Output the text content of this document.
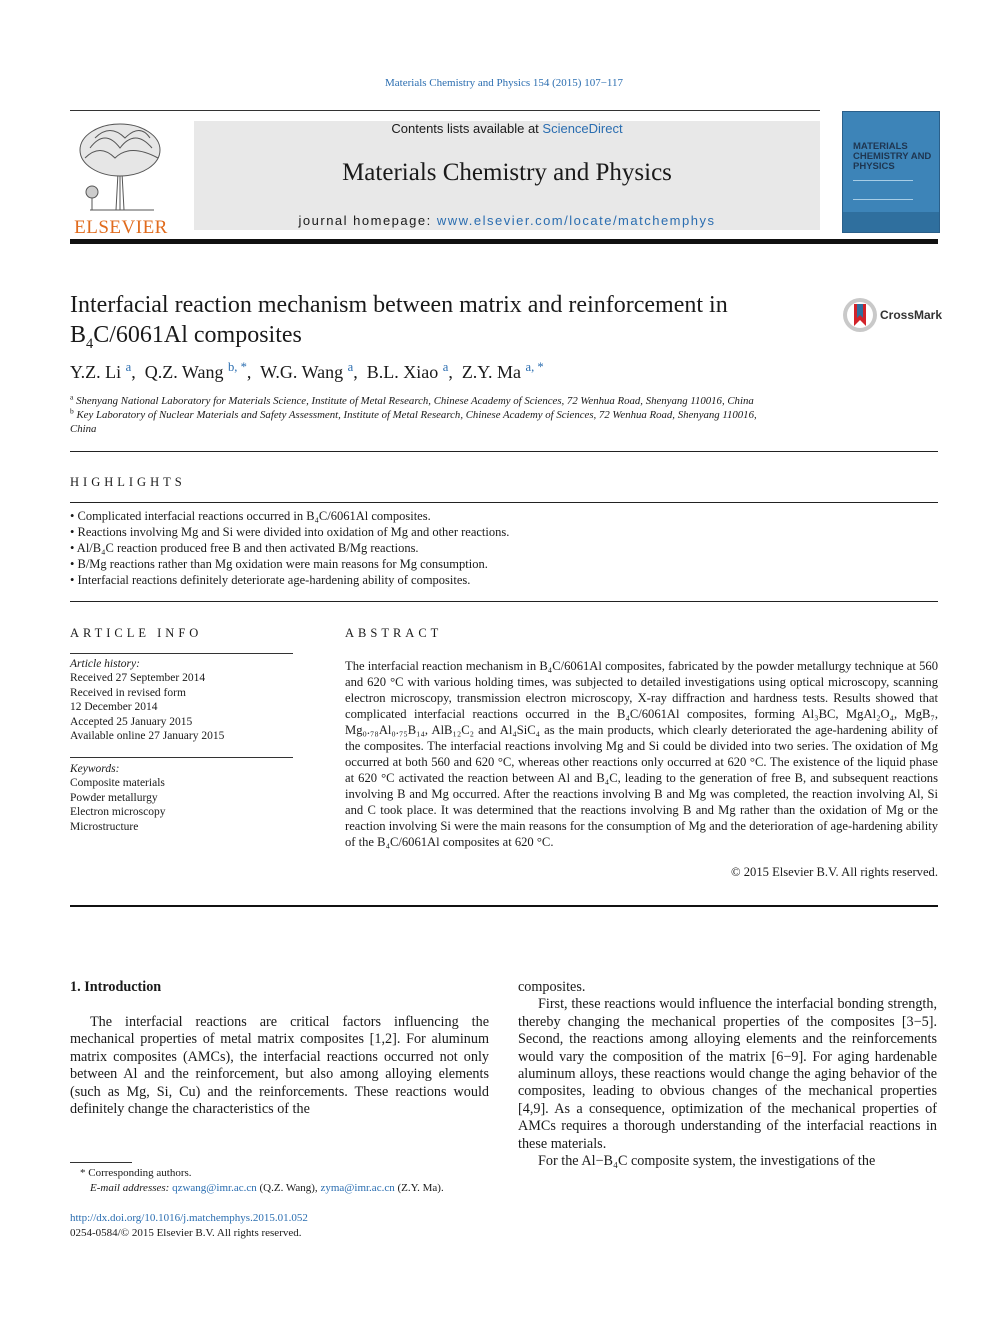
Materials Chemistry and Physics 154 (2015) 107−117
ELSEVIER
Contents lists available at ScienceDirect
Materials Chemistry and Physics
journal homepage: www.elsevier.com/locate/matchemphys
MATERIALS CHEMISTRY AND PHYSICS
Interfacial reaction mechanism between matrix and reinforcement in
$B_4C/6061Al$ composites
CrossMark
Y.Z. Li $^a$,  Q.Z. Wang $^{b, *}$,  W.G. Wang $^a$,  B.L. Xiao $^a$,  Z.Y. Ma $^{a, *}$
$^a$ Shenyang National Laboratory for Materials Science, Institute of Metal Research, Chinese Academy of Sciences, 72 Wenhua Road, Shenyang 110016, China
$^b$ Key Laboratory of Nuclear Materials and Safety Assessment, Institute of Metal Research, Chinese Academy of Sciences, 72 Wenhua Road, Shenyang 110016,
China
HIGHLIGHTS
• Complicated interfacial reactions occurred in B₄C/6061Al composites.
• Reactions involving Mg and Si were divided into oxidation of Mg and other reactions.
• Al/B₄C reaction produced free B and then activated B/Mg reactions.
• B/Mg reactions rather than Mg oxidation were main reasons for Mg consumption.
• Interfacial reactions definitely deteriorate age-hardening ability of composites.
ARTICLE INFO
Article history:
Received 27 September 2014
Received in revised form
12 December 2014
Accepted 25 January 2015
Available online 27 January 2015
Keywords:
Composite materials
Powder metallurgy
Electron microscopy
Microstructure
ABSTRACT
The interfacial reaction mechanism in B₄C/6061Al composites, fabricated by the powder metallurgy technique at 560 and 620 °C with various holding times, was subjected to detailed investigations using optical microscopy, scanning electron microscopy, transmission electron microscopy, X-ray diffraction and hardness tests. Results showed that complicated interfacial reactions occurred in the B₄C/6061Al composites, forming Al₃BC, MgAl₂O₄, MgB₇, Mg₀.₇₈Al₀.₇₅B₁₄, AlB₁₂C₂ and Al₄SiC₄ as the main products, which clearly deteriorated the age-hardening ability of the composites. The interfacial reactions involving Mg and Si could be divided into two series. The oxidation of Mg occurred at both 560 and 620 °C, whereas other reactions only occurred at 620 °C. The existence of the liquid phase at 620 °C activated the reaction between Al and B₄C, leading to the generation of free B, and subsequent reactions involving B and Mg occurred. After the reactions involving B and Mg was completed, the reaction involving Al, Si and C took place. It was determined that the reactions involving B and Mg rather than the oxidation of Mg or the reaction involving Si were the main reasons for the consumption of Mg and the deterioration of age-hardening ability of the B₄C/6061Al composites at 620 °C.
© 2015 Elsevier B.V. All rights reserved.
1. Introduction
The interfacial reactions are critical factors influencing the mechanical properties of metal matrix composites [1,2]. For aluminum matrix composites (AMCs), the interfacial reactions occurred not only between Al and the reinforcement, but also among alloying elements (such as Mg, Si, Cu) and the reinforcements. These reactions would definitely change the characteristics of the

composites.

First, these reactions would influence the interfacial bonding strength, thereby changing the mechanical properties of the composites [3−5]. Second, the reactions among alloying elements and the reinforcements would vary the composition of the matrix [6−9]. For aging hardenable aluminum alloys, these reactions would change the aging behavior of the composites, leading to obvious changes of the mechanical properties [4,9]. As a consequence, optimization of the mechanical properties of AMCs requires a thorough understanding of the interfacial reactions in these materials.

For the Al−B₄C composite system, the investigations of the

* Corresponding authors.
E-mail addresses: qzwang@imr.ac.cn (Q.Z. Wang), zyma@imr.ac.cn (Z.Y. Ma).
http://dx.doi.org/10.1016/j.matchemphys.2015.01.052
0254-0584/© 2015 Elsevier B.V. All rights reserved.
